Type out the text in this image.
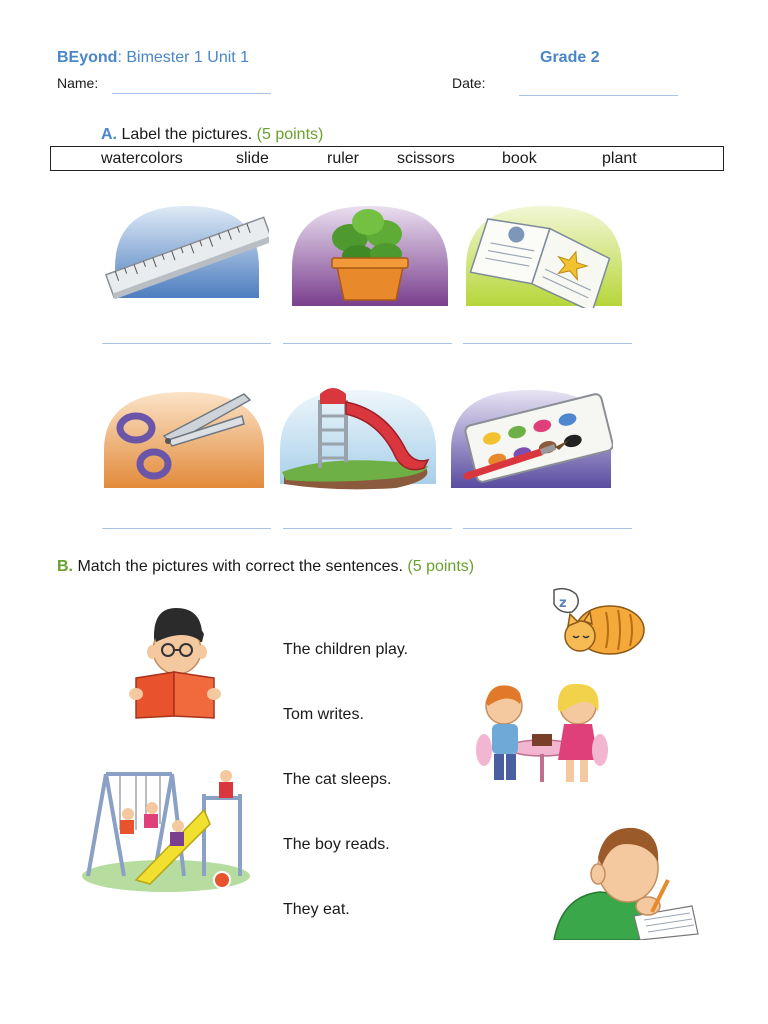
BEyond: Bimester 1 Unit 1	Grade 2
Name:	Date:
A. Label the pictures. (5 points)
watercolors	slide	ruler scissors	book	plant
B. Match the pictures with correct the sentences. (5 points)
The children play.
Tom writes.
The cat sleeps.
The boy reads.
They eat.
z
